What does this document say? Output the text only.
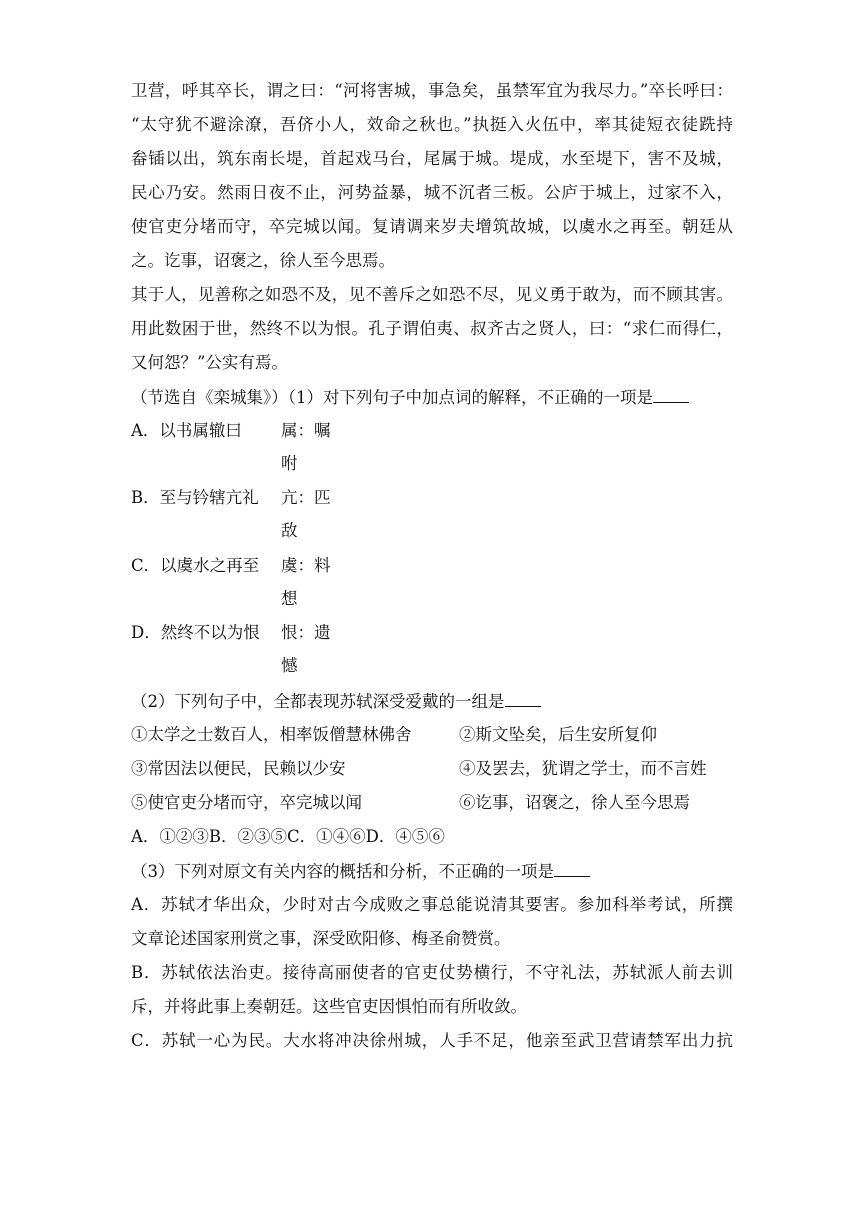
卫营，呼其卒长，谓之曰：“河将害城，事急矣，虽禁军宜为我尽力。”卒长呼曰：
“太守犹不避涂潦，吾侪小人，效命之秋也。”执挺入火伍中，率其徒短衣徒跣持
畚锸以出，筑东南长堤，首起戏马台，尾属于城。堤成，水至堤下，害不及城，
民心乃安。然雨日夜不止，河势益暴，城不沉者三板。公庐于城上，过家不入，
使官吏分堵而守，卒完城以闻。复请调来岁夫增筑故城，以虞水之再至。朝廷从
之。讫事，诏褒之，徐人至今思焉。
其于人，见善称之如恐不及，见不善斥之如恐不尽，见义勇于敢为，而不顾其害。
用此数困于世，然终不以为恨。孔子谓伯夷、叔齐古之贤人，曰：“求仁而得仁，
又何怨？”公实有焉。
（节选自《栾城集》）（1）对下列句子中加点词的解释，不正确的一项是
A．以书属辙曰 属：嘱咐
B．至与钤辖亢礼 亢：匹敌
C．以虞水之再至 虞：料想
D．然终不以为恨 恨：遗憾
（2）下列句子中，全都表现苏轼深受爱戴的一组是
①太学之士数百人，相率饭僧慧林佛舍	②斯文坠矣，后生安所复仰
③常因法以便民，民赖以少安	④及罢去，犹谓之学士，而不言姓
⑤使官吏分堵而守，卒完城以闻	⑥讫事，诏褒之，徐人至今思焉
A．①②③B．②③⑤C．①④⑥D．④⑤⑥
（3）下列对原文有关内容的概括和分析，不正确的一项是
A．苏轼才华出众，少时对古今成败之事总能说清其要害。参加科举考试，所撰
文章论述国家刑赏之事，深受欧阳修、梅圣俞赞赏。
B．苏轼依法治吏。接待高丽使者的官吏仗势横行，不守礼法，苏轼派人前去训
斥，并将此事上奏朝廷。这些官吏因惧怕而有所收敛。
C．苏轼一心为民。大水将冲决徐州城，人手不足，他亲至武卫营请禁军出力抗
